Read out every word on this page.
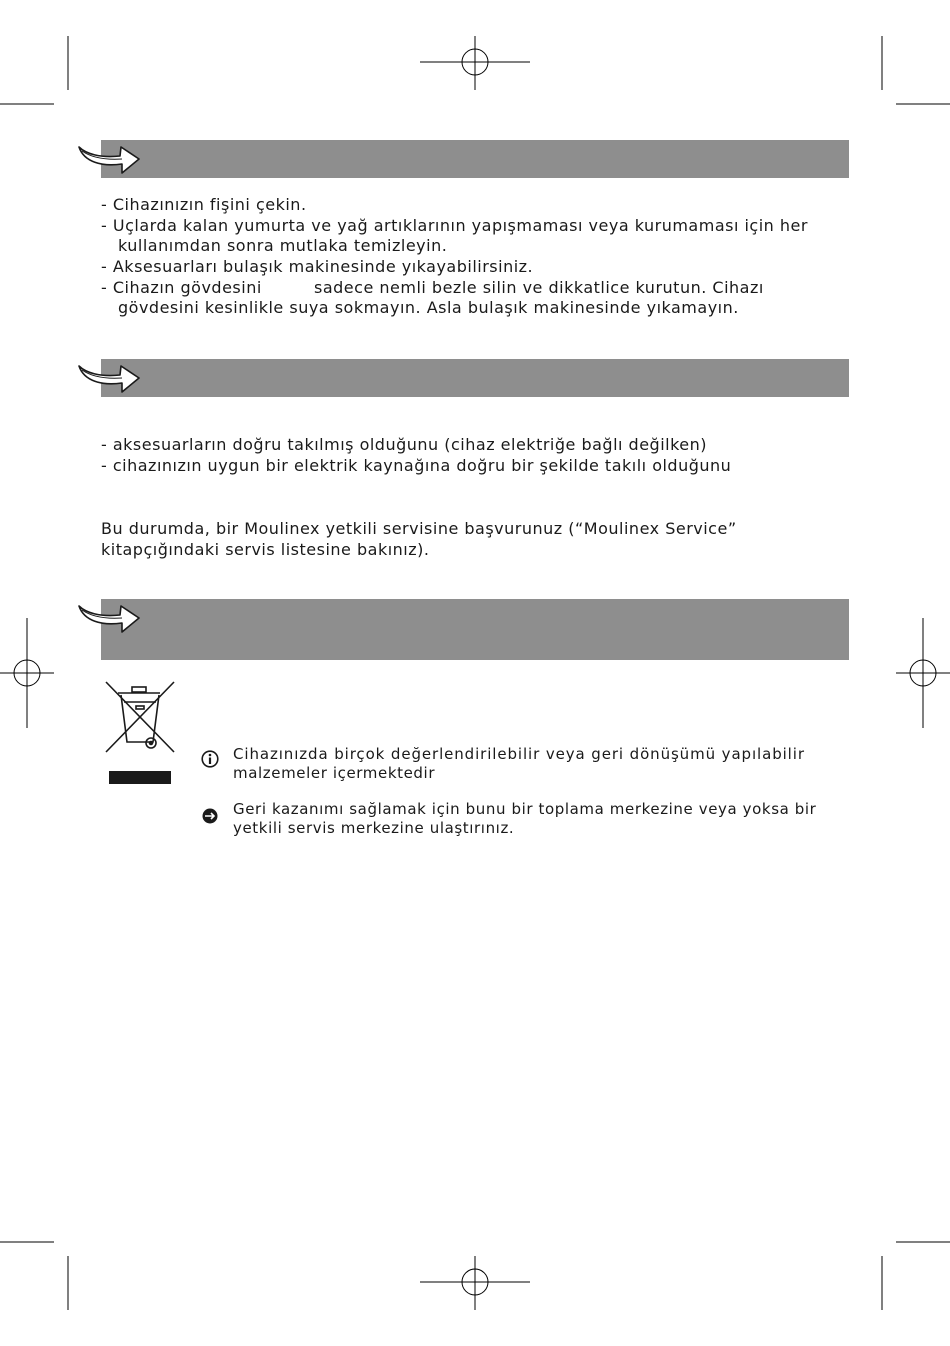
- Cihazınızın fişini çekin.
- Uçlarda kalan yumurta ve yağ artıklarının yapışmaması veya kurumaması için her
kullanımdan sonra mutlaka temizleyin.
- Aksesuarları bulaşık makinesinde yıkayabilirsiniz.
- Cihazın gövdesini	sadece nemli bezle silin ve dikkatlice kurutun. Cihazı
gövdesini kesinlikle suya sokmayın. Asla bulaşık makinesinde yıkamayın.
- aksesuarların doğru takılmış olduğunu (cihaz elektriğe bağlı değilken)
- cihazınızın uygun bir elektrik kaynağına doğru bir şekilde takılı olduğunu
Bu durumda, bir Moulinex yetkili servisine başvurunuz (“Moulinex Service”
kitapçığındaki servis listesine bakınız).
Cihazınızda birçok değerlendirilebilir veya geri dönüşümü yapılabilir
malzemeler içermektedir
Geri kazanımı sağlamak için bunu bir toplama merkezine veya yoksa bir
yetkili servis merkezine ulaştırınız.
